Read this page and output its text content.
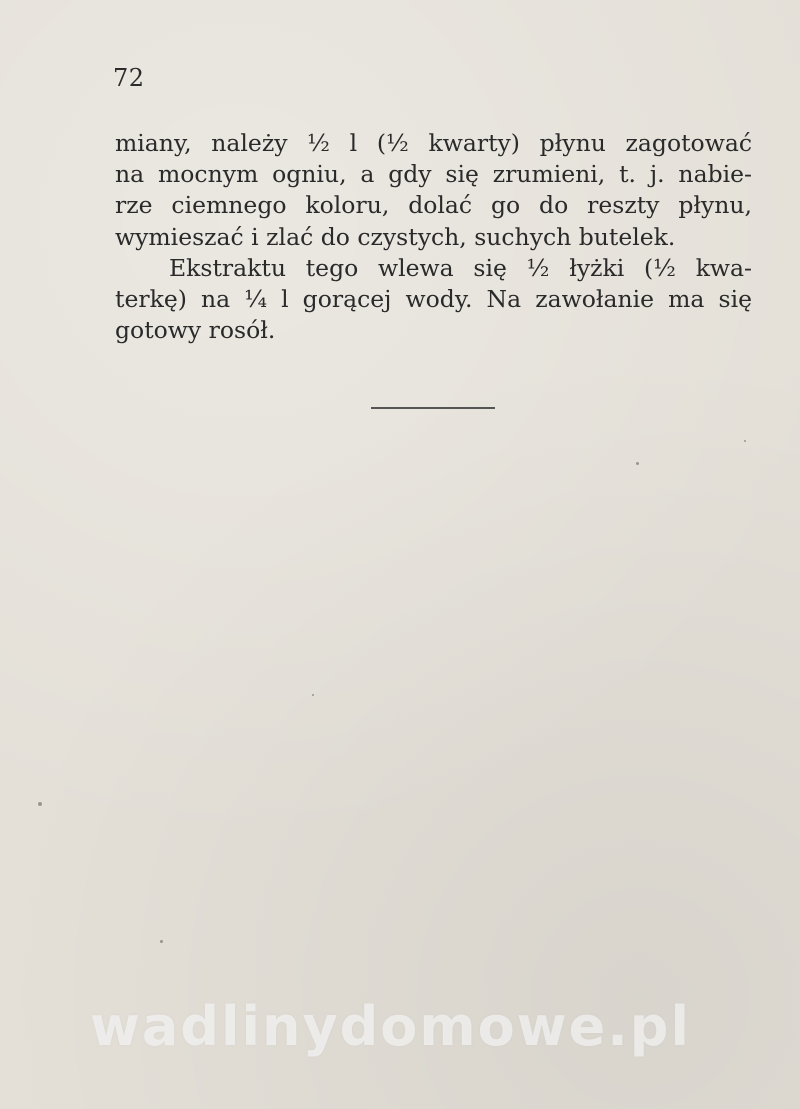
72
miany, należy ½ l (½ kwarty) płynu zagotować
na mocnym ogniu, a gdy się zrumieni, t. j. nabie-
rze ciemnego koloru, dolać go do reszty płynu,
wymieszać i zlać do czystych, suchych butelek.
Ekstraktu tego wlewa się ½ łyżki (½ kwa-
terkę) na ¼ l gorącej wody. Na zawołanie ma się
gotowy rosół.
wadlinydomowe.pl
